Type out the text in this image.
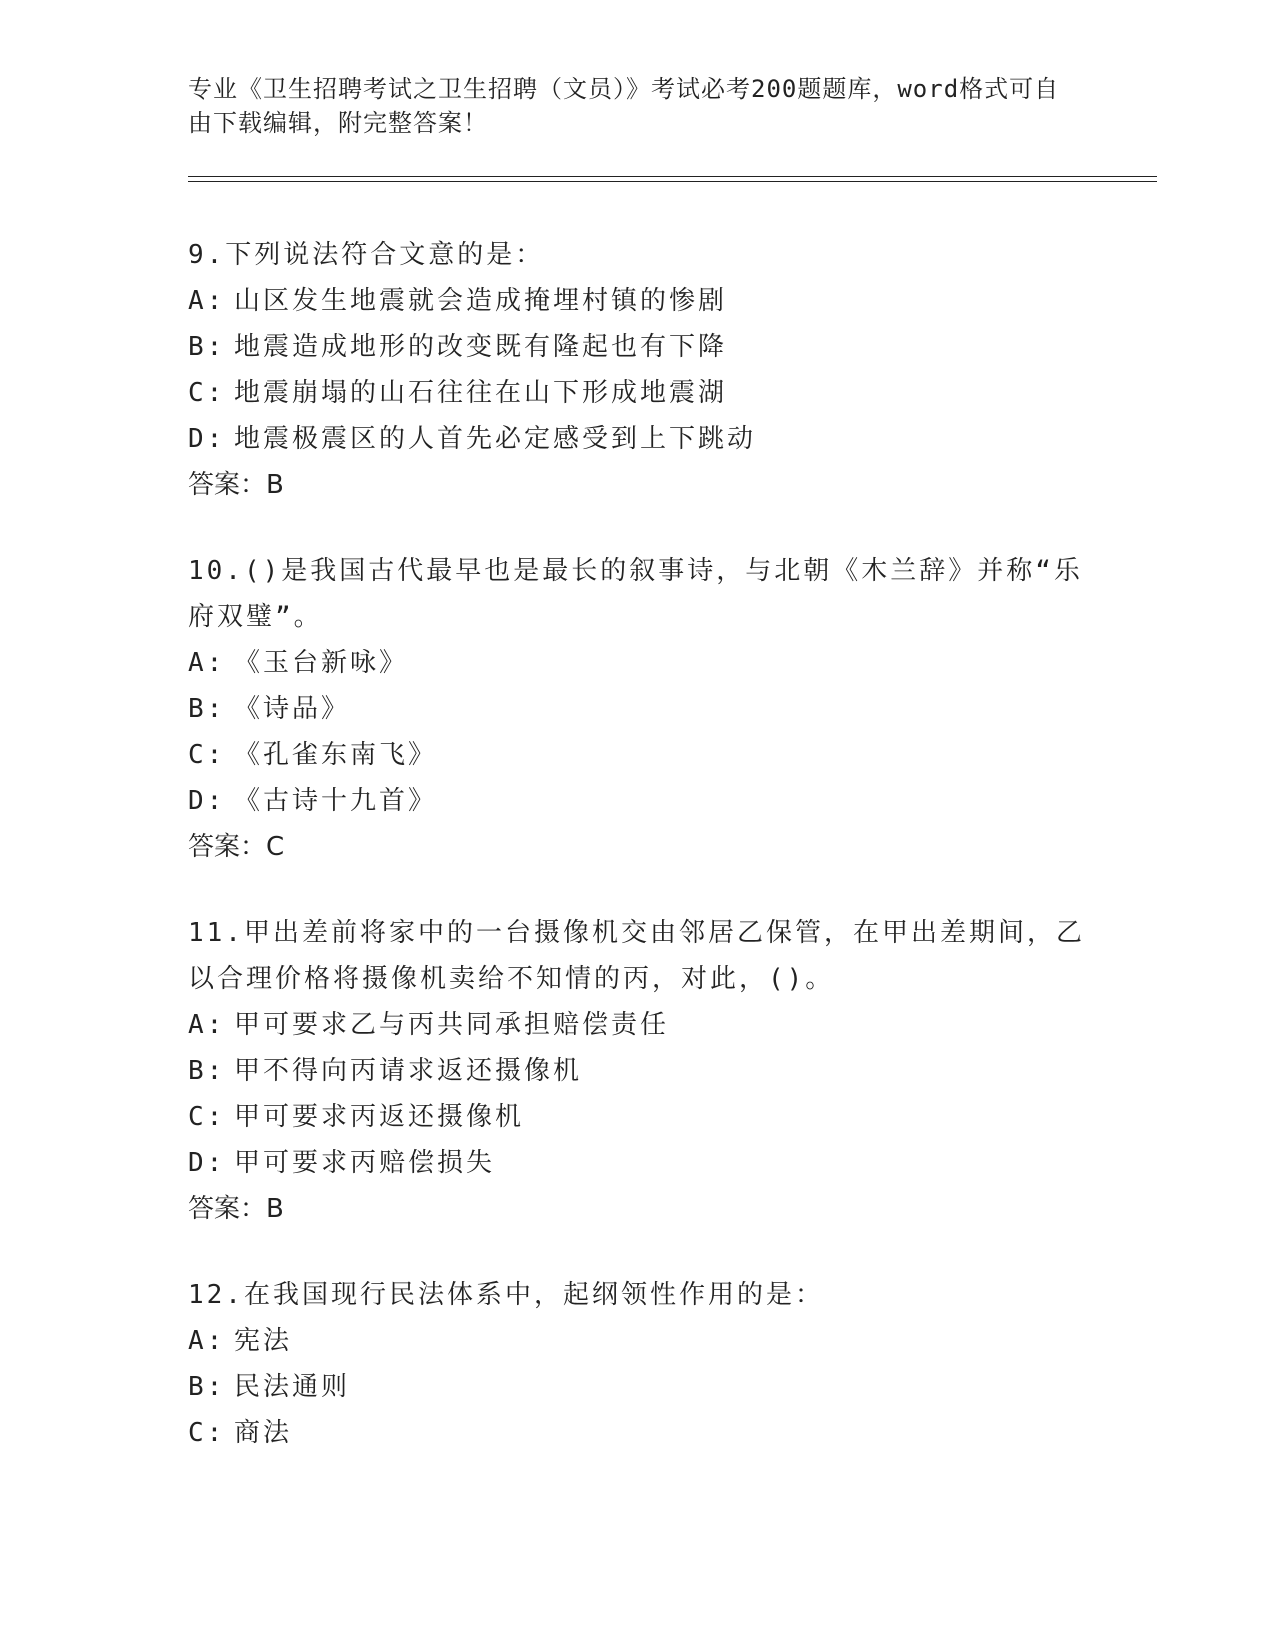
专业《卫生招聘考试之卫生招聘（文员）》考试必考200题题库，word格式可自
由下载编辑，附完整答案！

9.下列说法符合文意的是：

A: 山区发生地震就会造成掩埋村镇的惨剧

B: 地震造成地形的改变既有隆起也有下降

C: 地震崩塌的山石往往在山下形成地震湖

D: 地震极震区的人首先必定感受到上下跳动

答案：B

10.()是我国古代最早也是最长的叙事诗，与北朝《木兰辞》并称“乐府双璧”。

A: 《玉台新咏》

B: 《诗品》

C: 《孔雀东南飞》

D: 《古诗十九首》

答案：C

11.甲出差前将家中的一台摄像机交由邻居乙保管，在甲出差期间，乙以合理价格将摄像机卖给不知情的丙，对此，()。

A: 甲可要求乙与丙共同承担赔偿责任

B: 甲不得向丙请求返还摄像机

C: 甲可要求丙返还摄像机

D: 甲可要求丙赔偿损失

答案：B

12.在我国现行民法体系中，起纲领性作用的是：

A: 宪法

B: 民法通则

C: 商法
